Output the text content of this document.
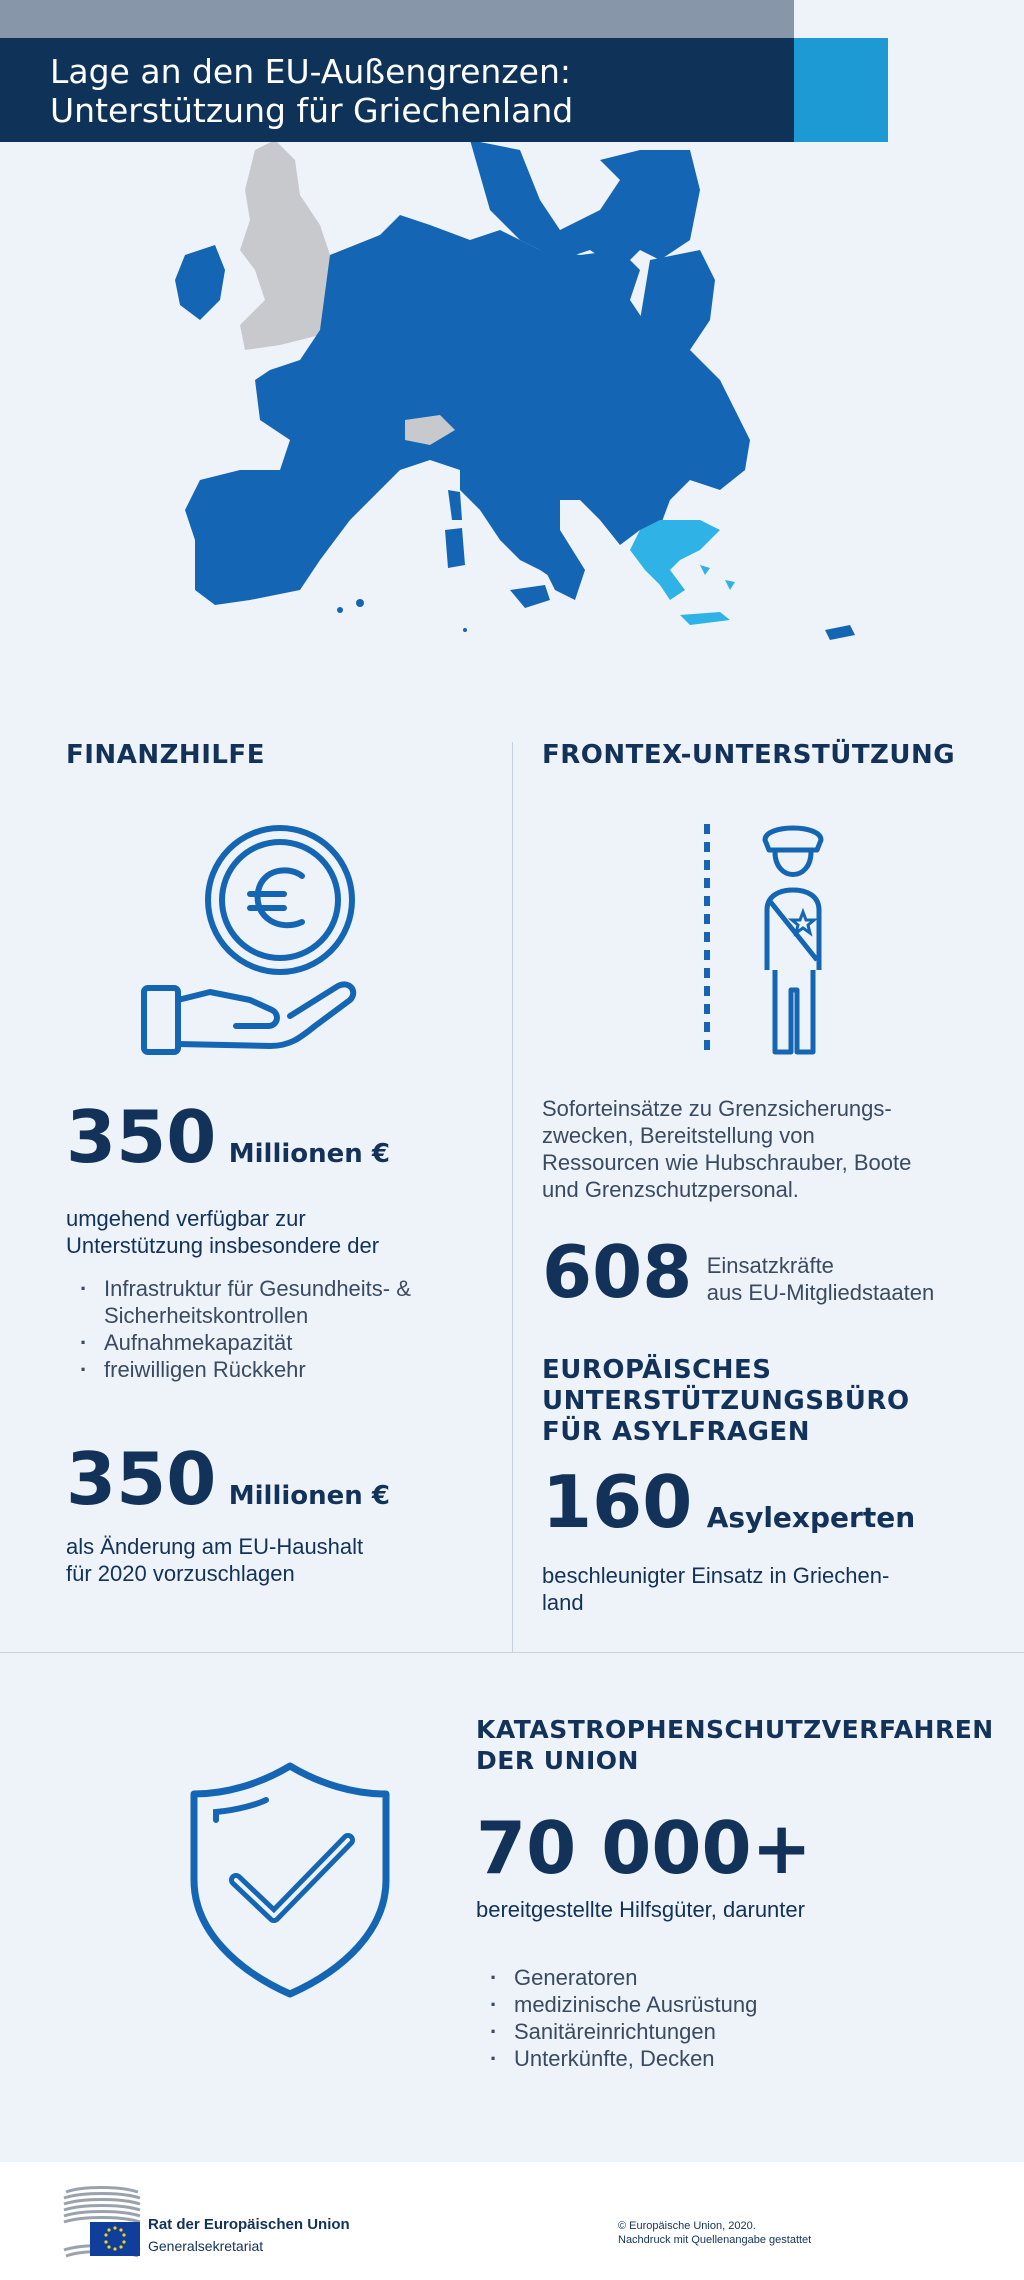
Lage an den EU-Außengrenzen:
Unterstützung für Griechenland
FINANZHILFE
350 Millionen €
umgehend verfügbar zur
Unterstützung insbesondere der
· Infrastruktur für Gesundheits- &
Sicherheitskontrollen
· Aufnahmekapazität
· freiwilligen Rückkehr
350 Millionen €
als Änderung am EU-Haushalt
für 2020 vorzuschlagen
FRONTEX-UNTERSTÜTZUNG
Soforteinsätze zu Grenzsicherungs-
zwecken, Bereitstellung von
Ressourcen wie Hubschrauber, Boote
und Grenzschutzpersonal.
608 Einsatzkräfte
aus EU-Mitgliedstaaten
EUROPÄISCHES
UNTERSTÜTZUNGSBÜRO
FÜR ASYLFRAGEN
160 Asylexperten
beschleunigter Einsatz in Griechen-
land
KATASTROPHENSCHUTZVERFAHREN
DER UNION
70 000+
bereitgestellte Hilfsgüter, darunter
· Generatoren
· medizinische Ausrüstung
· Sanitäreinrichtungen
· Unterkünfte, Decken
Rat der Europäischen Union
Generalsekretariat
© Europäische Union, 2020.
Nachdruck mit Quellenangabe gestattet
